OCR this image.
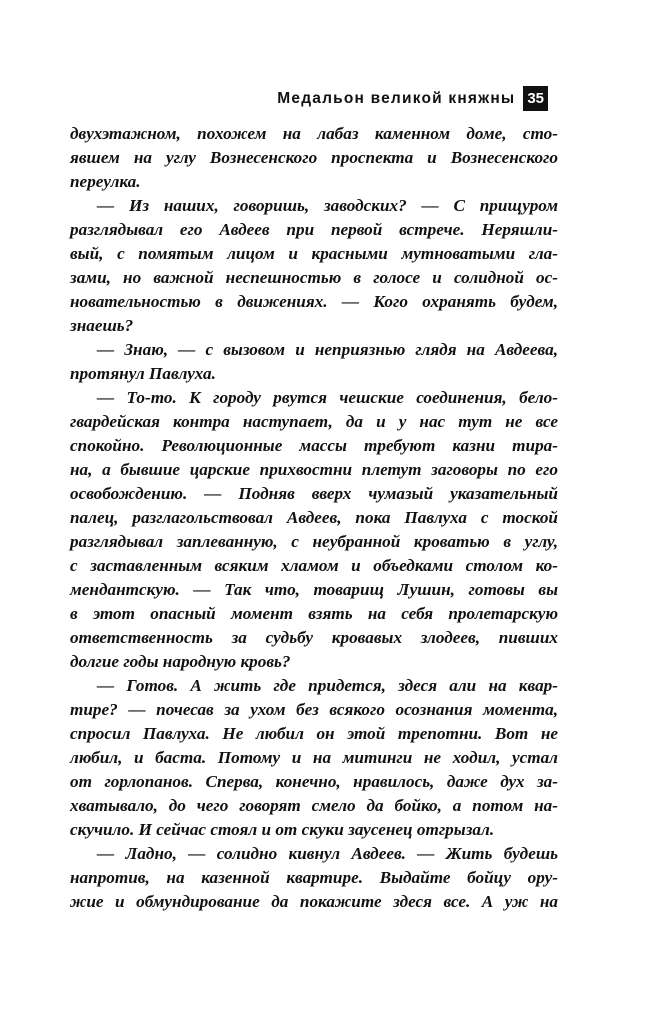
Медальон великой княжны 35
двухэтажном, похожем на лабаз каменном доме, сто-
явшем на углу Вознесенского проспекта и Вознесенского
переулка.
— Из наших, говоришь, заводских? — С прищуром
разглядывал его Авдеев при первой встрече. Неряшли-
вый, с помятым лицом и красными мутноватыми гла-
зами, но важной неспешностью в голосе и солидной ос-
новательностью в движениях. — Кого охранять будем,
знаешь?
— Знаю, — с вызовом и неприязнью глядя на Авдеева,
протянул Павлуха.
— То-то. К городу рвутся чешские соединения, бело-
гвардейская контра наступает, да и у нас тут не все
спокойно. Революционные массы требуют казни тира-
на, а бывшие царские прихвостни плетут заговоры по его
освобождению. — Подняв вверх чумазый указательный
палец, разглагольствовал Авдеев, пока Павлуха с тоской
разглядывал заплеванную, с неубранной кроватью в углу,
с заставленным всяким хламом и объедками столом ко-
мендантскую. — Так что, товарищ Лушин, готовы вы
в этот опасный момент взять на себя пролетарскую
ответственность за судьбу кровавых злодеев, пивших
долгие годы народную кровь?
— Готов. А жить где придется, здеся али на квар-
тире? — почесав за ухом без всякого осознания момента,
спросил Павлуха. Не любил он этой трепотни. Вот не
любил, и баста. Потому и на митинги не ходил, устал
от горлопанов. Сперва, конечно, нравилось, даже дух за-
хватывало, до чего говорят смело да бойко, а потом на-
скучило. И сейчас стоял и от скуки заусенец отгрызал.
— Ладно, — солидно кивнул Авдеев. — Жить будешь
напротив, на казенной квартире. Выдайте бойцу ору-
жие и обмундирование да покажите здеся все. А уж на
